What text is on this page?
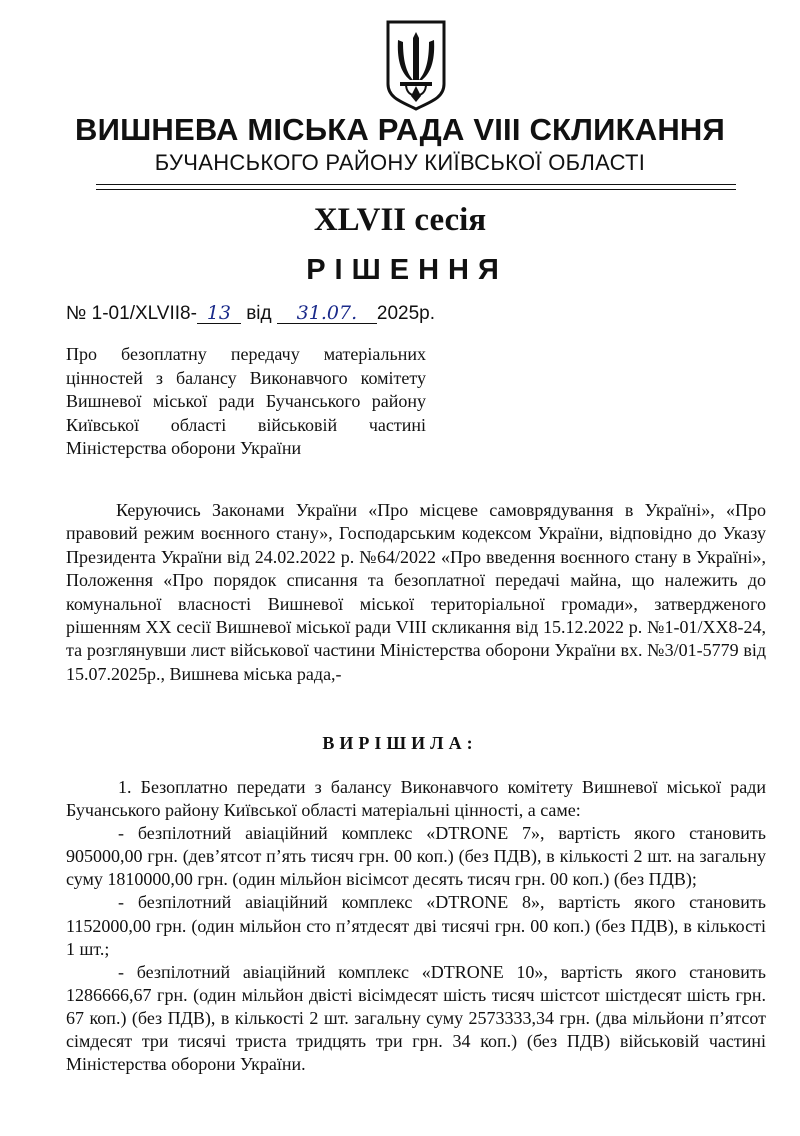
ВИШНЕВА МІСЬКА РАДА VIII СКЛИКАННЯ
БУЧАНСЬКОГО РАЙОНУ КИЇВСЬКОЇ ОБЛАСТІ
XLVII сесія
РІШЕННЯ
№ 1-01/XLVII8- 13 від 31.07. 2025р.
Про безоплатну передачу матеріальних цінностей з балансу Виконавчого комітету Вишневої міської ради Бучанського району Київської області військовій частині Міністерства оборони України
Керуючись Законами України «Про місцеве самоврядування в Україні», «Про правовий режим воєнного стану», Господарським кодексом України, відповідно до Указу Президента України від 24.02.2022 р. №64/2022 «Про введення воєнного стану в Україні», Положення «Про порядок списання та безоплатної передачі майна, що належить до комунальної власності Вишневої міської територіальної громади», затвердженого рішенням XX сесії Вишневої міської ради VIII скликання від 15.12.2022 р. №1-01/XX8-24, та розглянувши лист військової частини Міністерства оборони України вх. №3/01-5779 від 15.07.2025р., Вишнева міська рада,-
ВИРІШИЛА:

1. Безоплатно передати з балансу Виконавчого комітету Вишневої міської ради Бучанського району Київської області матеріальні цінності, а саме:

- безпілотний авіаційний комплекс «DTRONE 7», вартість якого становить 905000,00 грн. (дев’ятсот п’ять тисяч грн. 00 коп.) (без ПДВ), в кількості 2 шт. на загальну суму 1810000,00 грн. (один мільйон вісімсот десять тисяч грн. 00 коп.) (без ПДВ);

- безпілотний авіаційний комплекс «DTRONE 8», вартість якого становить 1152000,00 грн. (один мільйон сто п’ятдесят дві тисячі грн. 00 коп.) (без ПДВ), в кількості 1 шт.;

- безпілотний авіаційний комплекс «DTRONE 10», вартість якого становить 1286666,67 грн. (один мільйон двісті вісімдесят шість тисяч шістсот шістдесят шість грн. 67 коп.) (без ПДВ), в кількості 2 шт. загальну суму 2573333,34 грн. (два мільйони п’ятсот сімдесят три тисячі триста тридцять три грн. 34 коп.) (без ПДВ) військовій частині Міністерства оборони України.
